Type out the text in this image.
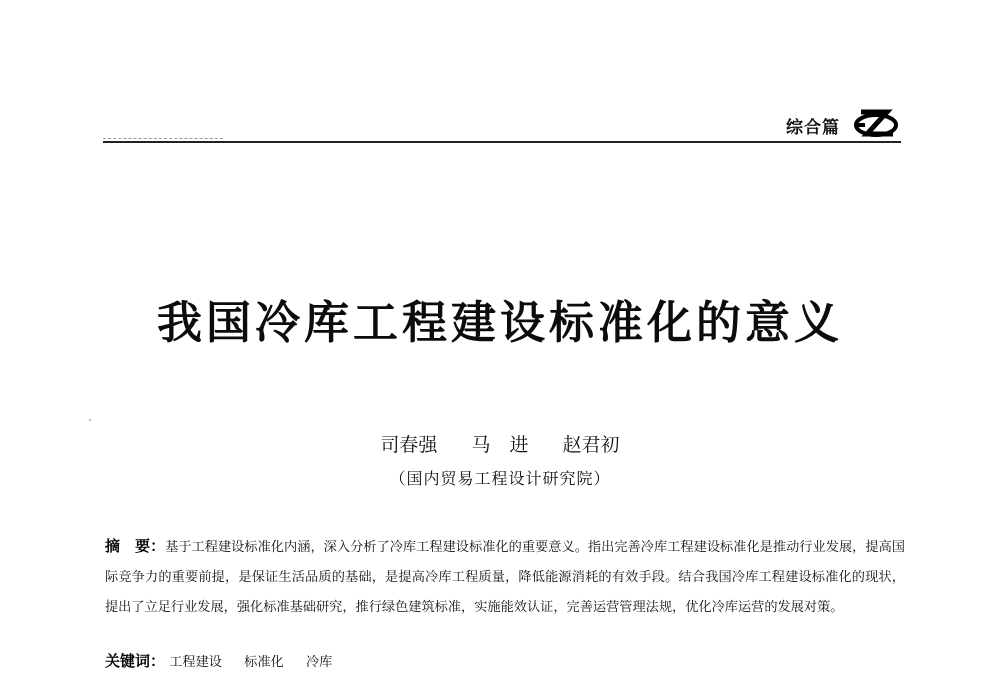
综合篇
我国冷库工程建设标准化的意义
司春强 马　进 赵君初
（国内贸易工程设计研究院）
摘　要：基于工程建设标准化内涵，深入分析了冷库工程建设标准化的重要意义。指出完善冷库工程建设标准化是推动行业发展，提高国际竞争力的重要前提，是保证生活品质的基础，是提高冷库工程质量，降低能源消耗的有效手段。结合我国冷库工程建设标准化的现状，提出了立足行业发展，强化标准基础研究，推行绿色建筑标准，实施能效认证，完善运营管理法规，优化冷库运营的发展对策。
关键词： 工程建设 标准化 冷库
